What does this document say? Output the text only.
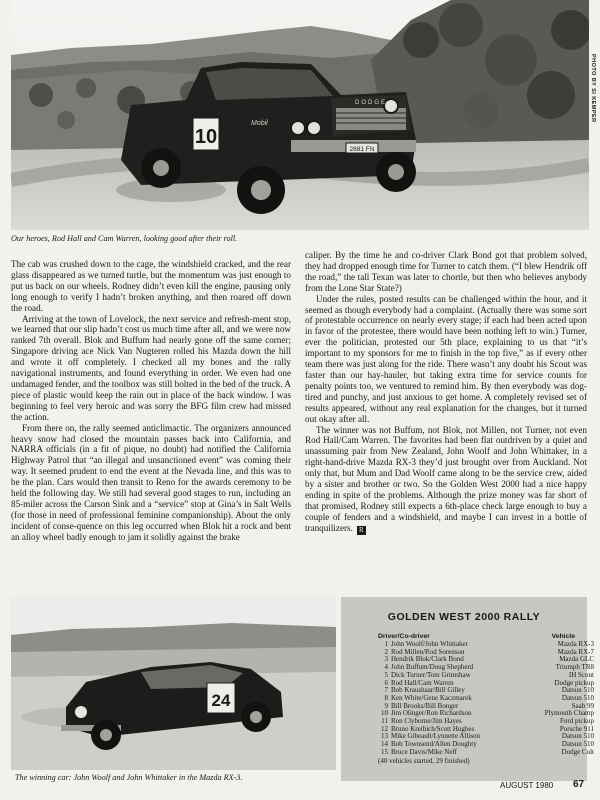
2881 FN
DODGE
10
Mobil
PHOTO BY SI KEMPER
Our heroes, Rod Hall and Cam Warren, looking good after their roll.

The cab was crushed down to the cage, the windshield cracked, and the rear glass disappeared as we turned turtle, but the momentum was just enough to put us back on our wheels. Rodney didn’t even kill the engine, pausing only long enough to verify I hadn’t broken anything, and then roared off down the road.

Arriving at the town of Lovelock, the next service and refresh-ment stop, we learned that our slip hadn’t cost us much time after all, and we were now ranked 7th overall. Blok and Buffum had nearly gone off the same corner; Singapore driving ace Nick Van Nugteren rolled his Mazda down the hill and wrote it off completely. I checked all my bones and the rally navigational instruments, and found everything in order. We even had one undamaged fender, and the toolbox was still bolted in the bed of the truck. A piece of plastic would keep the rain out in place of the back window. I was beginning to feel very heroic and was sorry the BFG film crew had missed the action.

From there on, the rally seemed anticlimactic. The organizers announced heavy snow had closed the mountain passes back into California, and NARRA officials (in a fit of pique, no doubt) had notified the California Highway Patrol that “an illegal and unsanctioned event” was coming their way. It seemed prudent to end the event at the Nevada line, and this was to be the plan. Cars would then transit to Reno for the awards ceremony to be held the following day. We still had several good stages to run, including an 85-miler across the Carson Sink and a “service” stop at Gina’s in Salt Wells (for those in need of professional feminine companionship). About the only incident of conse-quence on this leg occurred when Blok hit a rock and bent an alloy wheel badly enough to jam it solidly against the brake

caliper. By the time he and co-driver Clark Bond got that problem solved, they had dropped enough time for Turner to catch them. (“I blew Hendrik off the road,” the tall Texan was later to chortle, but then who believes anybody from the Lone Star State?)

Under the rules, posted results can be challenged within the hour, and it seemed as though everybody had a complaint. (Actually there was some sort of protestable occurrence on nearly every stage; if each had been acted upon in favor of the protestee, there would have been nothing left to win.) Turner, ever the politician, protested our 5th place, explaining to us that “it’s important to my sponsors for me to finish in the top five,” as if every other team there was just along for the ride. There wasn’t any doubt his Scout was faster than our hay-hauler, but taking extra time for service counts for penalty points too, we ventured to remind him. By then everybody was dog-tired and punchy, and just anxious to get home. A completely revised set of results appeared, without any real explanation for the changes, but it turned out okay after all.

The winner was not Buffum, not Blok, not Millen, not Turner, not even Rod Hall/Cam Warren. The favorites had been flat outdriven by a quiet and unassuming pair from New Zealand, John Woolf and John Whittaker, in a right-hand-drive Mazda RX-3 they’d just brought over from Auckland. Not only that, but Mum and Dad Woolf came along to be the service crew, aided by a sister and brother or two. So the Golden West 2000 had a nice happy ending in spite of the problems. Although the prize money was far short of that promised, Rodney still expects a 6th-place check large enough to buy a couple of fenders and a windshield, and maybe I can invest in a bottle of tranquilizers. R

24
The winning car: John Woolf and John Whittaker in the Mazda RX-3.
GOLDEN WEST 2000 RALLY
Driver/Co-driver	Vehicle
1 John Woolf/John Whittaker	Mazda RX-3
2 Rod Millen/Rod Sorenson	Mazda RX-7
3 Hendrik Blok/Clark Bond	Mazda GLC
4 John Buffum/Doug Shepherd	Triumph TR8
5 Dick Turner/Tom Grimshaw	IH Scout
6 Rod Hall/Cam Warren	Dodge pickup
7 Bob Kraushaar/Bill Gilley	Datsun 510
8 Ken White/Gene Kaczmarek	Datsun 510
9 Bill Brooks/Bill Bonger	Saab 99
10 Jim Olinger/Ron Richardson	Plymouth Champ
11 Ron Clyborne/Jim Hayes	Ford pickup
12 Bruno Kreibich/Scott Hughes	Porsche 911
13 Mike Gibeault/Lynnette Allison	Datsun 510
14 Bob Townsend/Allen Doughty	Datsun 510
15 Bruce Davis/Mike Neff	Dodge Colt
(40 vehicles started, 29 finished)
AUGUST 1980 67
